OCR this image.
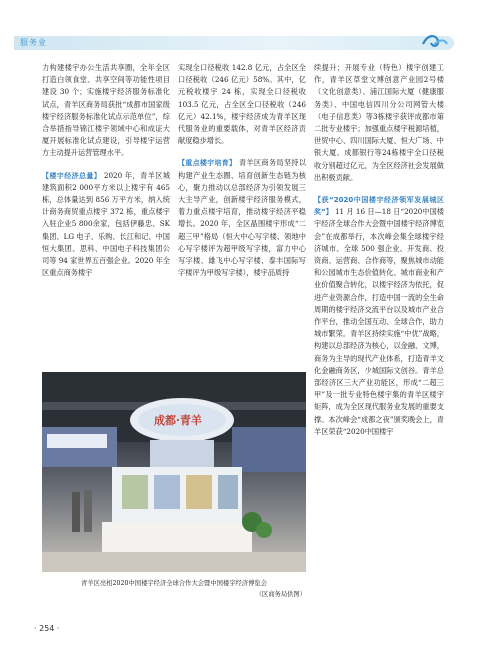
服务业

力构建楼宇办公生活共享圈，全年全区打造白领食堂、共享空间等功能性项目建设 30 个；实施楼宇经济服务标准化试点，青羊区商务局获批“成都市国家级楼宇经济服务标准化试点示范单位”，综合举措指导锦江楼宇领域中心和成证大厦开展标准化试点建设，引导楼宇运营方主动提升运营管理水平。

【楼宇经济总量】 2020 年，青羊区城建筑面积2 000平方米以上楼宇有 465 栋，总体量达到 856 万平方米，纳入统计商务商贸重点楼宇 372 栋，重点楼宇入驻企业5 800余家，包括伊藤忠、SK 集团、LG 电子、乐购、长江和记、中国恒大集团、思科、中国电子科技集团公司等 94 家世界五百强企业。2020 年全区重点商务楼宇

实现全口径税收 142.8 亿元，占全区全口径税收（246 亿元）58%。其中，亿元税收楼宇 24 栋，实现全口径税收103.5 亿元，占全区全口径税收（246 亿元）42.1%，楼宇经济成为青羊区现代服务业的重要载体，对青羊区经济贡献度稳步增长。

【重点楼宇培育】 青羊区商务局坚持以构建产业生态圈、培育创新生态链为核心，聚力推动以总部经济为引领发展三大主导产业，创新楼宇经济服务模式，着力重点楼宇培育，推动楼宇经济平稳增长。2020 年，全区晶围楼宇形成“二超三甲”格局（恒大中心写字楼、领地中心写字楼评为超甲级写字楼，富力中心写字楼、雄飞中心写字楼、泰丰国际写字楼评为甲级写字楼），楼宇品质持

续提升；开展专业（特色）楼宇创建工作，青羊区草堂文博创意产业园2号楼（文化创意类）、浦江国际大厦（健康服务类）、中国电信四川分公司网管大楼（电子信息类）等3栋楼宇获评成都市第二批专业楼宇；加强重点楼宇税源培植，世贸中心、四川国际大厦、恒大广场、中银大厦、成都银行等24栋楼宇全口径税收分别超过亿元，为全区经济社会发展做出积极贡献。

【获“2020中国楼宇经济领军发展城区奖”】 11 月 16 日—18 日“2020中国楼宇经济全球合作大会暨中国楼宇经济博览会”在成都举行，本次峰会集全球楼宇经济城市、全球 500 强企业、开发商、投资商、运营商、合作商等，聚焦城市动能和公园城市生态价值转化、城市商业和产业价值聚合转化，以楼宇经济为依托，促进产业资源合作，打造中国一流的全生命周期的楼宇经济交流平台以及城市产业合作平台，推动全国互动、全球合作，助力城市繁荣。青羊区持续实施“中优”战略，构建以总部经济为核心，以金融、文博，商务为主导的现代产业体系，打造青羊文化金融商务区，少城国际文创谷。青羊总部经济区三大产业功能区，形成“二超三甲”及一批专业特色楼宇集的青羊区楼宇矩阵，成为全区现代服务业发展的重要支撑。本次峰会“成都之夜”颁奖晚会上，青羊区荣获“2020中国楼宇

成都·青羊
青羊区亮相2020中国楼宇经济全球合作大会暨中国楼宇经济博览会
（区商务局供图）
· 254 ·
